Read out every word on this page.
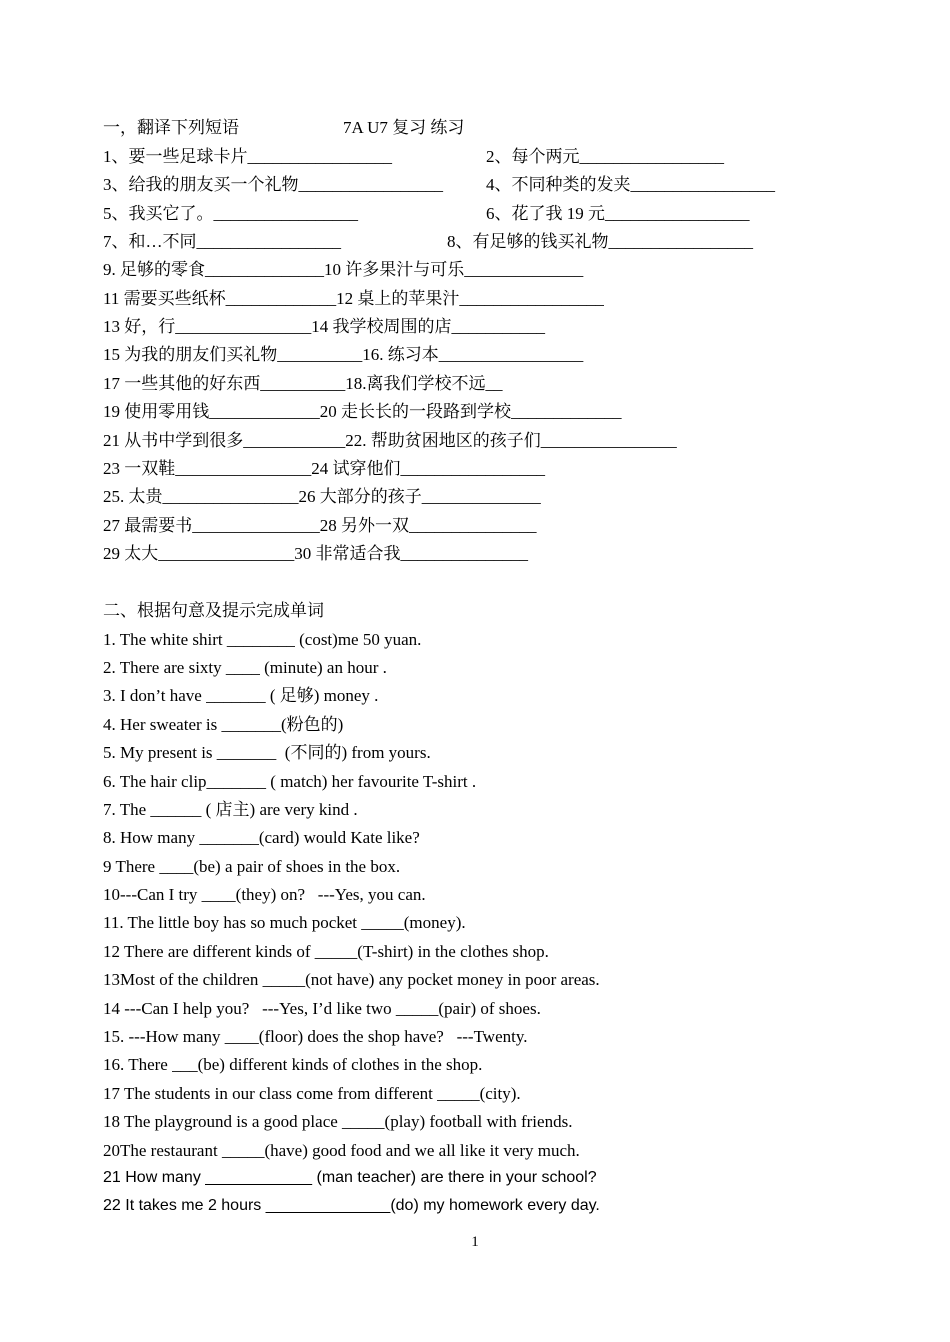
一，翻译下列短语	7A U7 复习 练习
1、要一些足球卡片_________________	2、每个两元_________________
3、给我的朋友买一个礼物_________________	4、不同种类的发夹_________________
5、我买它了。_________________	6、花了我 19 元_________________
7、和…不同_________________	8、有足够的钱买礼物_________________
9. 足够的零食______________10 许多果汁与可乐______________
11 需要买些纸杯_____________12 桌上的苹果汁_________________
13 好，行________________14 我学校周围的店___________
15 为我的朋友们买礼物__________16. 练习本_________________
17 一些其他的好东西__________18.离我们学校不远__
19 使用零用钱_____________20 走长长的一段路到学校_____________
21 从书中学到很多____________22. 帮助贫困地区的孩子们________________
23 一双鞋________________24 试穿他们_________________
25. 太贵________________26 大部分的孩子______________
27 最需要书_______________28 另外一双_______________
29 太大________________30 非常适合我_______________
二、根据句意及提示完成单词
1. The white shirt ________ (cost)me 50 yuan.
2. There are sixty ____ (minute) an hour .
3. I don’t have _______ ( 足够) money .
4. Her sweater is _______(粉色的)
5. My present is _______  (不同的) from yours.
6. The hair clip_______ ( match) her favourite T-shirt .
7. The ______ ( 店主) are very kind .
8. How many _______(card) would Kate like?
9 There ____(be) a pair of shoes in the box.
10---Can I try ____(they) on?   ---Yes, you can.
11. The little boy has so much pocket _____(money).
12 There are different kinds of _____(T-shirt) in the clothes shop.
13Most of the children _____(not have) any pocket money in poor areas.
14 ---Can I help you?   ---Yes, I’d like two _____(pair) of shoes.
15. ---How many ____(floor) does the shop have?   ---Twenty.
16. There ___(be) different kinds of clothes in the shop.
17 The students in our class come from different _____(city).
18 The playground is a good place _____(play) football with friends.
20The restaurant _____(have) good food and we all like it very much.
21 How many ____________ (man teacher) are there in your school?
22 It takes me 2 hours ______________(do) my homework every day.
1
